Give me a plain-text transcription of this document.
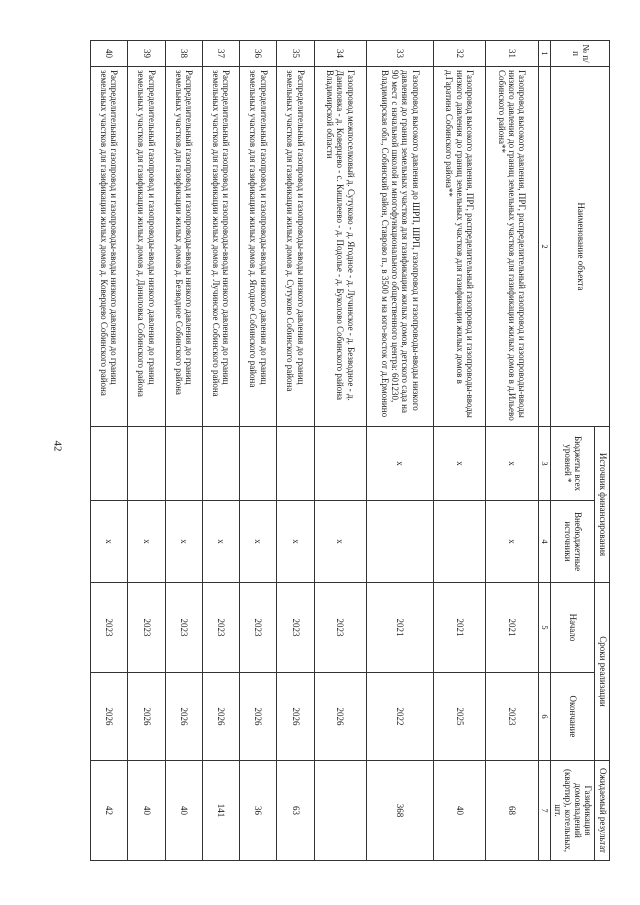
42
№ п/п	Наименование объекта	Источник финансирования		Сроки реализации		Ожидаемый результат
		Бюджеты всех уровней *	Внебюджетные источники	Начало	Окончание	Газификация домовладений (квартир), котельных, шт.
1	2	3	4	5	6	7
31	Газопровод высокого давления, ПРГ, распределительный газопровод и газопроводы-вводы низкого давления до границ земельных участков для газификации жилых домов в д.Ильево Собинского района**	x	x	2021	2023	68
32	Газопровод высокого давления, ПРГ, распределительный газопровод и газопроводы-вводы низкого давления до границ земельных участков для газификации жилых домов в д.Гаратина Собинского района**	x		2021	2025	40
33	Газопровод высокого давления до ШРП, ШРП, газопровод и газопроводы-вводы низкого давления до границ земельных участков для газификации жилых домов, детского сада на 90 мест с начальной школой и многофункционального общественного центра: 601230, Владимирская обл., Собинский район, Ставрово п., в 3500 м на юго-восток от д.Ермонино	x		2021	2022	368
34	Газопровод межпоселковый д. Сутуково - д. Ягодное - д. Лучинское - д. Безводное - д. Даниловка - д. Коверцево - с. Кишлеево - д. Подолье - д. Буколово Собинского района Владимирской области		x	2023	2026	
35	Распределительный газопровод и газопроводы-вводы низкого давления до границ земельных участков для газификации жилых домов д. Сутуково Собинского района		x	2023	2026	63
36	Распределительный газопровод и газопроводы-вводы низкого давления до границ земельных участков для газификации жилых домов д. Ягодное Собинского района		x	2023	2026	36
37	Распределительный газопровод и газопроводы-вводы низкого давления до границ земельных участков для газификации жилых домов д. Лучинское Собинского района		x	2023	2026	141
38	Распределительный газопровод и газопроводы-вводы низкого давления до границ земельных участков для газификации жилых домов д. Безводное Собинского района		x	2023	2026	40
39	Распределительный газопровод и газопроводы-вводы низкого давления до границ земельных участков для газификации жилых домов д. Даниловка Собинского района		x	2023	2026	40
40	Распределительный газопровод и газопроводы-вводы низкого давления до границ земельных участков для газификации жилых домов д. Коверцево Собинского района		x	2023	2026	42
